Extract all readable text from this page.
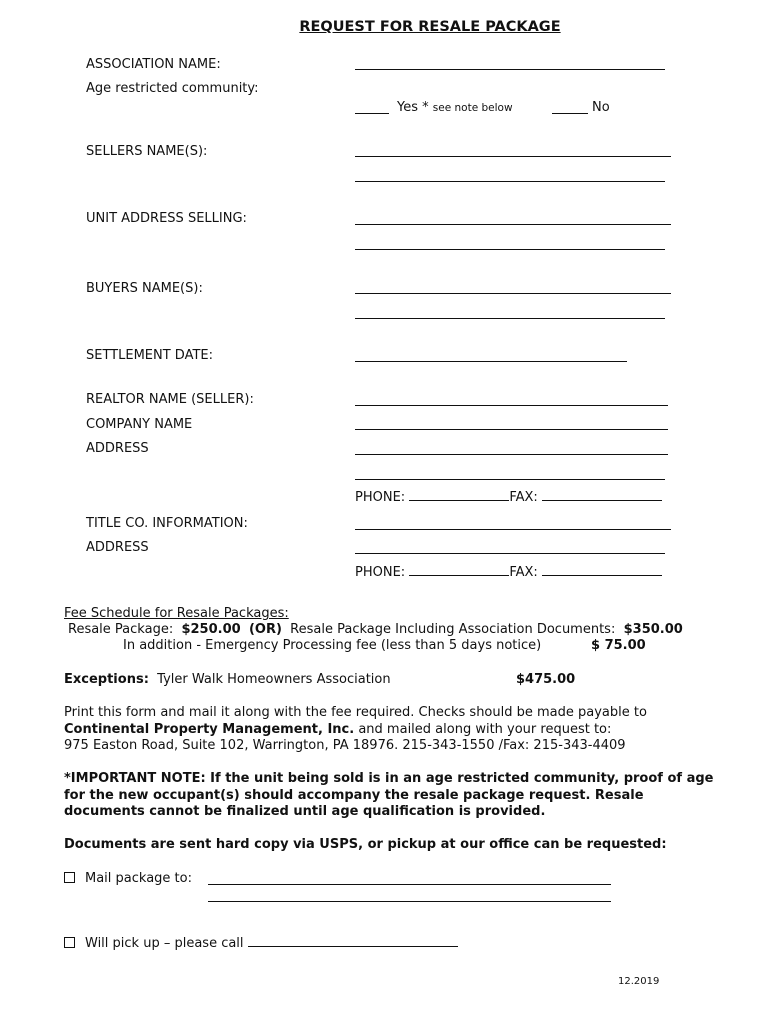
REQUEST FOR RESALE PACKAGE
ASSOCIATION NAME:
Age restricted community:
Yes * see note below	No
SELLERS NAME(S):
UNIT ADDRESS SELLING:
BUYERS NAME(S):
SETTLEMENT DATE:
REALTOR NAME (SELLER):
COMPANY NAME
ADDRESS
PHONE:	FAX:
TITLE CO. INFORMATION:
ADDRESS
PHONE:	FAX:
Fee Schedule for Resale Packages:
Resale Package: $250.00 (OR) Resale Package Including Association Documents: $350.00
In addition - Emergency Processing fee (less than 5 days notice)	$ 75.00
Exceptions: Tyler Walk Homeowners Association	$475.00
Print this form and mail it along with the fee required. Checks should be made payable to
Continental Property Management, Inc. and mailed along with your request to:
975 Easton Road, Suite 102, Warrington, PA 18976. 215-343-1550 /Fax: 215-343-4409
*IMPORTANT NOTE: If the unit being sold is in an age restricted community, proof of age for the new occupant(s) should accompany the resale package request. Resale documents cannot be finalized until age qualification is provided.
Documents are sent hard copy via USPS, or pickup at our office can be requested:
Mail package to:
Will pick up – please call
12.2019
